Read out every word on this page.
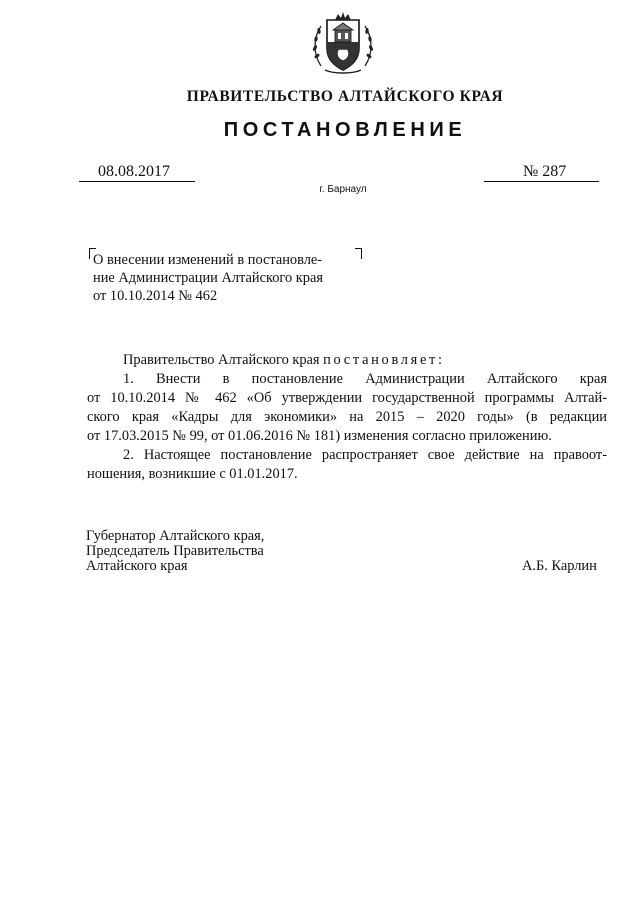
ПРАВИТЕЛЬСТВО АЛТАЙСКОГО КРАЯ
ПОСТАНОВЛЕНИЕ
08.08.2017	№ 287
г. Барнаул

О внесении изменений в постановле-

ние Администрации Алтайского края

от 10.10.2014 № 462

Правительство Алтайского края постановляет:

1. Внести в постановление Администрации Алтайского края

от 10.10.2014 № 462 «Об утверждении государственной программы Алтай-

ского края «Кадры для экономики» на 2015 – 2020 годы» (в редакции

от 17.03.2015 № 99, от 01.06.2016 № 181) изменения согласно приложению.

2. Настоящее постановление распространяет свое действие на правоот-

ношения, возникшие с 01.01.2017.

Губернатор Алтайского края,

Председатель Правительства

Алтайского края	А.Б. Карлин
